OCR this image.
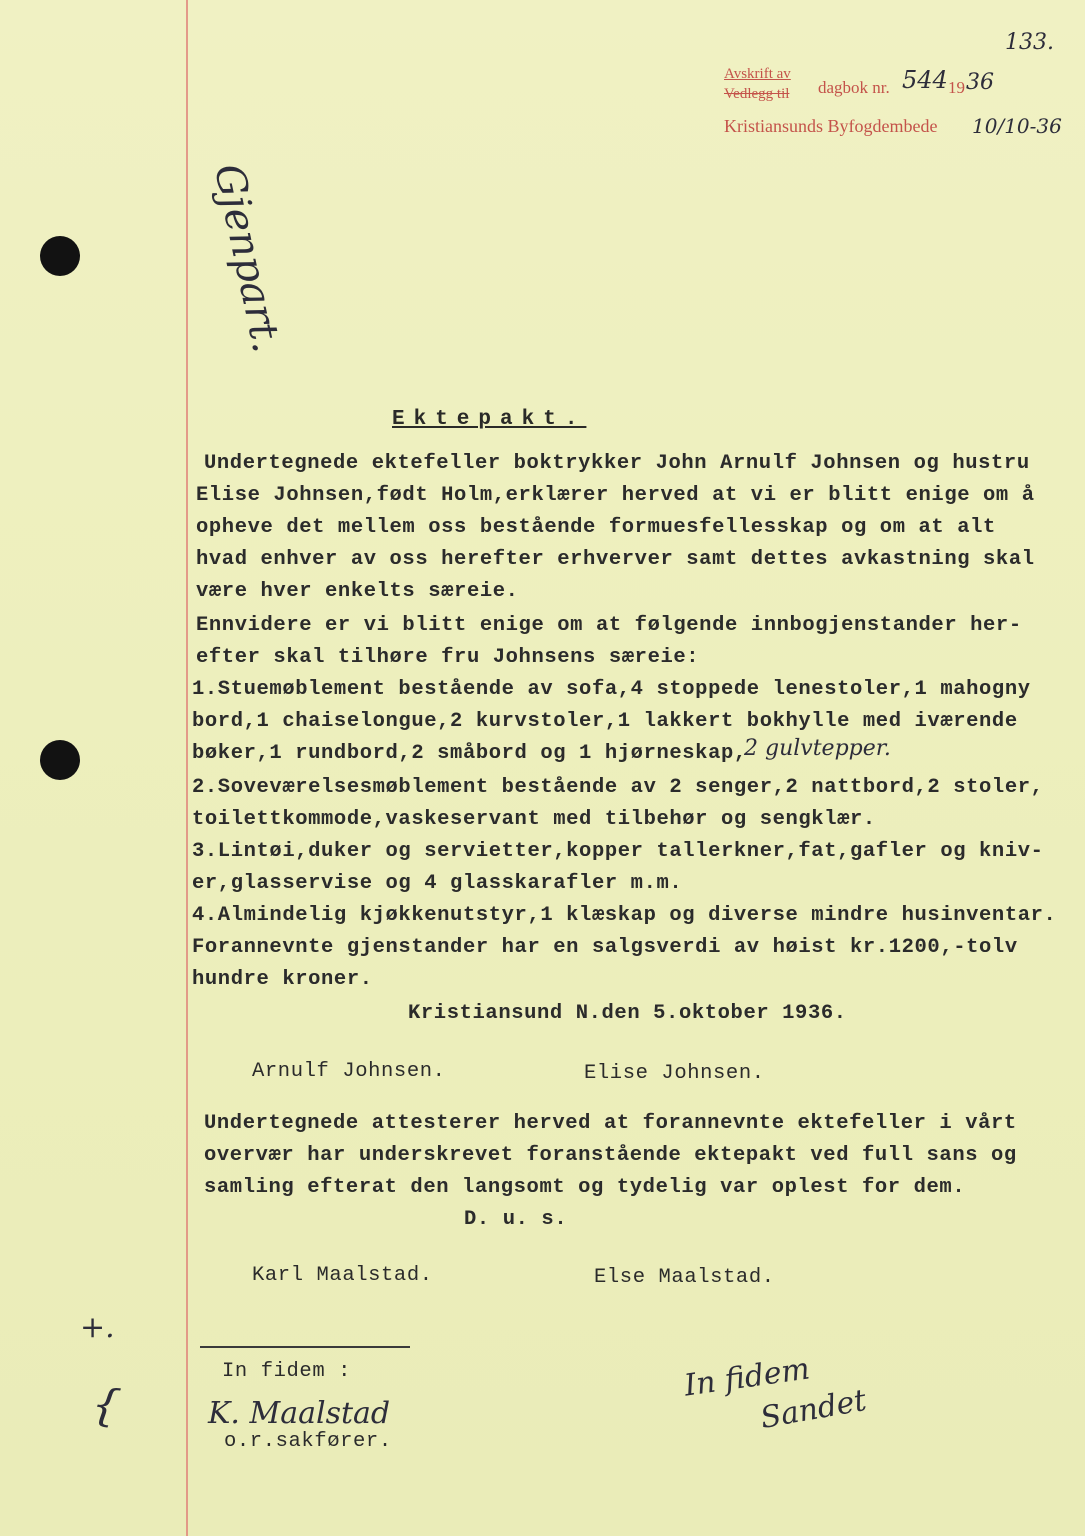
133.
Avskrift av
Vedlegg til dagbok nr. 544 19 36
Kristiansunds Byfogdembede 10/10-36
Gjenpart.
Ektepakt.
Undertegnede ektefeller boktrykker John Arnulf Johnsen og hustru
Elise Johnsen,født Holm,erklærer herved at vi er blitt enige om å
opheve det mellem oss bestående formuesfellesskap og om at alt
hvad enhver av oss herefter erhverver samt dettes avkastning skal
være hver enkelts særeie.
Ennvidere er vi blitt enige om at følgende innbogjenstander her-
efter skal tilhøre fru Johnsens særeie:
1.Stuemøblement bestående av sofa,4 stoppede lenestoler,1 mahogny
bord,1 chaiselongue,2 kurvstoler,1 lakkert bokhylle med iværende
bøker,1 rundbord,2 småbord og 1 hjørneskap,
2 gulvtepper.
2.Soveværelsesmøblement bestående av 2 senger,2 nattbord,2 stoler,
toilettkommode,vaskeservant med tilbehør og sengklær.
3.Lintøi,duker og servietter,kopper tallerkner,fat,gafler og kniv-
er,glasservise og 4 glasskarafler m.m.
4.Almindelig kjøkkenutstyr,1 klæskap og diverse mindre husinventar.
Forannevnte gjenstander har en salgsverdi av høist kr.1200,-tolv
hundre kroner.
Kristiansund N.den 5.oktober 1936.
Arnulf Johnsen.	Elise Johnsen.
Undertegnede attesterer herved at forannevnte ektefeller i vårt
overvær har underskrevet foranstående ektepakt ved full sans og
samling efterat den langsomt og tydelig var oplest for dem.
D. u. s.
Karl Maalstad.	Else Maalstad.
In fidem :
K. Maalstad
o.r.sakfører.
In fidem
Sandet
+.
{
